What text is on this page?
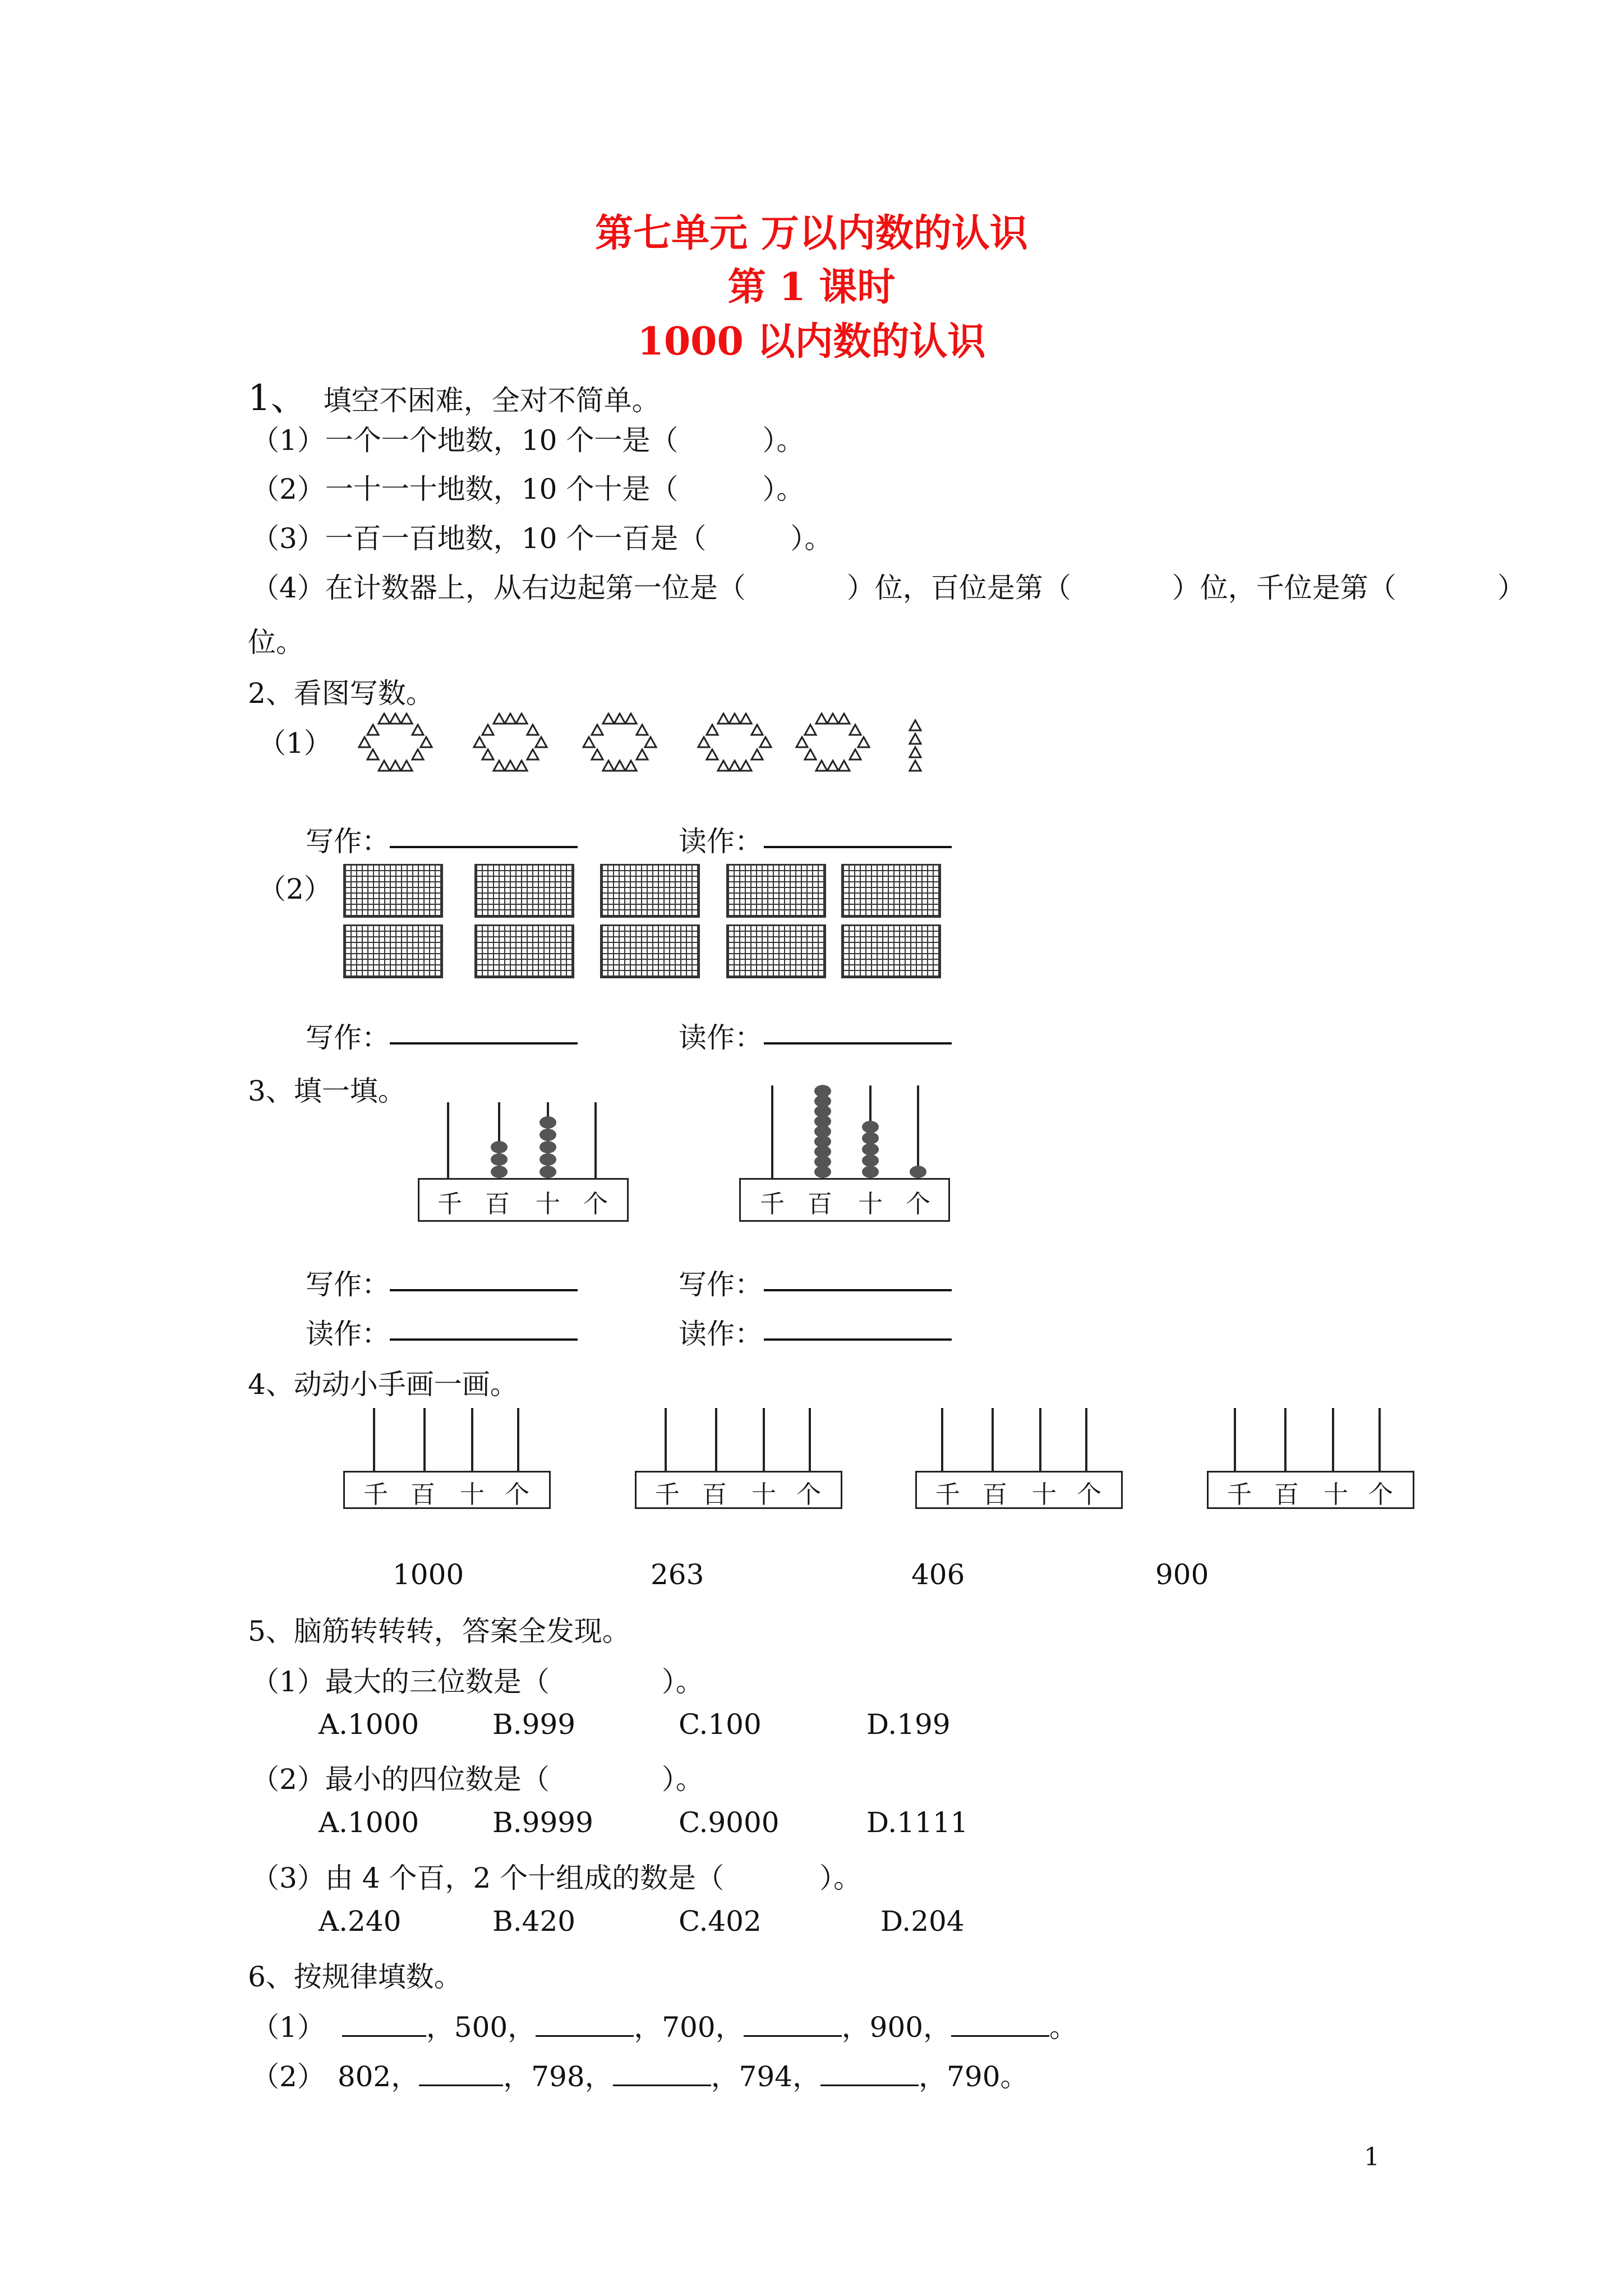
第七单元 万以内数的认识
第 1 课时
1000 以内数的认识
1、 填空不困难，全对不简单。
（1）一个一个地数，10 个一是（	）。
（2）一十一十地数，10 个十是（	）。
（3）一百一百地数，10 个一百是（	）。
（4）在计数器上，从右边起第一位是（	）位，百位是第（	）位，千位是第（	）
位。
2、看图写数。
（1）
写作：	读作：
（2）
写作：	读作：
3、填一填。
千 百 十 个	千 百 十 个
写作：	写作：
读作：	读作：
4、动动小手画一画。
千 百 十 个	千 百 十 个	千 百 十 个	千 百 十 个
1000	263	406	900
5、脑筋转转转，答案全发现。
（1）最大的三位数是（	）。
A.1000	B.999	C.100	D.199
（2）最小的四位数是（	）。
A.1000	B.9999	C.9000	D.1111
（3）由 4 个百，2 个十组成的数是（	）。
A.240	B.420	C.402	D.204
6、按规律填数。
（1）	，500，	，700，	，900，	。
（2） 802，	，798，	，794，	，790。
1
